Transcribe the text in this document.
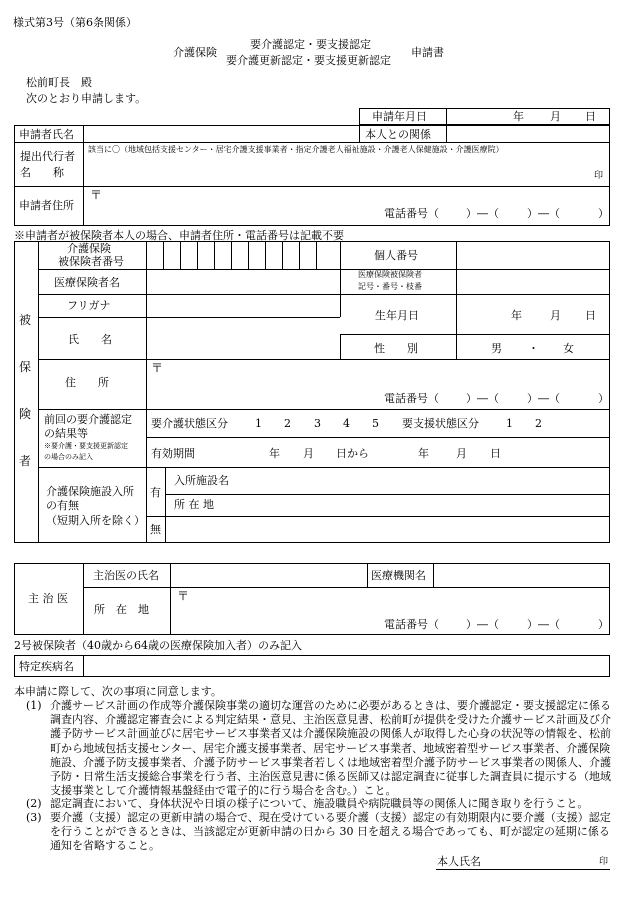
様式第3号（第6条関係）
介護保険
要介護認定・要支援認定
要介護更新認定・要支援更新認定
申請書
松前町長　殿
次のとおり申請します。
申請年月日	年 月 日
申請者氏名	本人との関係
提出代行者
名　　称
該当に〇（地域包括支援センター・居宅介護支援事業者・指定介護老人福祉施設・介護老人保健施設・介護医療院）
印
申請者住所
〒
電話番号（ ）―（	）―（	）
※申請者が被保険者本人の場合、申請者住所・電話番号は記載不要
被
保
険
者
介護保険
被保険者番号	個人番号
医療保険者名
医療保険被保険者
記号・番号・枝番
フリガナ
氏　　名
生年月日	年	月 日
性　　別	男 ・ 女
住　　所
〒
電話番号（ ）―（	）―（	）
前回の要介護認定
の結果等
※要介護・要支援更新認定
の場合のみ記入
要介護状態区分 1 2 3 4 5 要支援状態区分 1 2
有効期間	年 月 日から	年 月 日
介護保険施設入所
の有無
（短期入所を除く）
有
無
入所施設名
所 在 地
主 治 医
主治医の氏名	医療機関名
所　在　地
〒
電話番号（ ）―（	）―（	）
2号被保険者（40歳から64歳の医療保険加入者）のみ記入
特定疾病名
本申請に際して、次の事項に同意します。
(1) 介護サービス計画の作成等介護保険事業の適切な運営のために必要があるときは、要介護認定・要支援認定に係る調査内容、介護認定審査会による判定結果・意見、主治医意見書、松前町が提供を受けた介護サービス計画及び介護予防サービス計画並びに居宅サービス事業者又は介護保険施設の関係人が取得した心身の状況等の情報を、松前町から地域包括支援センター、居宅介護支援事業者、居宅サービス事業者、地域密着型サービス事業者、介護保険施設、介護予防支援事業者、介護予防サービス事業者若しくは地域密着型介護予防サービス事業者の関係人、介護予防・日常生活支援総合事業を行う者、主治医意見書に係る医師又は認定調査に従事した調査員に提示する（地域支援事業として介護情報基盤経由で電子的に行う場合を含む。）こと。
(2) 認定調査において、身体状況や日頃の様子について、施設職員や病院職員等の関係人に聞き取りを行うこと。
(3) 要介護（支援）認定の更新申請の場合で、現在受けている要介護（支援）認定の有効期限内に要介護（支援）認定を行うことができるときは、当該認定が更新申請の日から 30 日を超える場合であっても、町が認定の延期に係る通知を省略すること。
本人氏名	印
